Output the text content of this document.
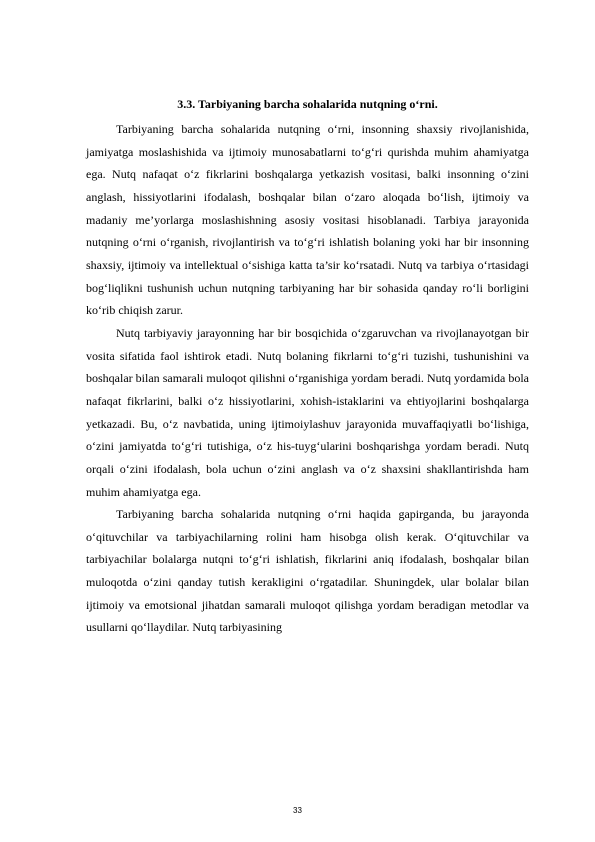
3.3. Tarbiyaning barcha sohalarida nutqning o‘rni.

Tarbiyaning barcha sohalarida nutqning o‘rni, insonning shaxsiy rivojlanishida, jamiyatga moslashishida va ijtimoiy munosabatlarni to‘g‘ri qurishda muhim ahamiyatga ega. Nutq nafaqat o‘z fikrlarini boshqalarga yetkazish vositasi, balki insonning o‘zini anglash, hissiyotlarini ifodalash, boshqalar bilan o‘zaro aloqada bo‘lish, ijtimoiy va madaniy me’yorlarga moslashishning asosiy vositasi hisoblanadi. Tarbiya jarayonida nutqning o‘rni o‘rganish, rivojlantirish va to‘g‘ri ishlatish bolaning yoki har bir insonning shaxsiy, ijtimoiy va intellektual o‘sishiga katta ta’sir ko‘rsatadi. Nutq va tarbiya o‘rtasidagi bog‘liqlikni tushunish uchun nutqning tarbiyaning har bir sohasida qanday ro‘li borligini ko‘rib chiqish zarur.

Nutq tarbiyaviy jarayonning har bir bosqichida o‘zgaruvchan va rivojlanayotgan bir vosita sifatida faol ishtirok etadi. Nutq bolaning fikrlarni to‘g‘ri tuzishi, tushunishini va boshqalar bilan samarali muloqot qilishni o‘rganishiga yordam beradi. Nutq yordamida bola nafaqat fikrlarini, balki o‘z hissiyotlarini, xohish-istaklarini va ehtiyojlarini boshqalarga yetkazadi. Bu, o‘z navbatida, uning ijtimoiylashuv jarayonida muvaffaqiyatli bo‘lishiga, o‘zini jamiyatda to‘g‘ri tutishiga, o‘z his-tuyg‘ularini boshqarishga yordam beradi. Nutq orqali o‘zini ifodalash, bola uchun o‘zini anglash va o‘z shaxsini shakllantirishda ham muhim ahamiyatga ega.

Tarbiyaning barcha sohalarida nutqning o‘rni haqida gapirganda, bu jarayonda o‘qituvchilar va tarbiyachilarning rolini ham hisobga olish kerak. O‘qituvchilar va tarbiyachilar bolalarga nutqni to‘g‘ri ishlatish, fikrlarini aniq ifodalash, boshqalar bilan muloqotda o‘zini qanday tutish kerakligini o‘rgatadilar. Shuningdek, ular bolalar bilan ijtimoiy va emotsional jihatdan samarali muloqot qilishga yordam beradigan metodlar va usullarni qo‘llaydilar. Nutq tarbiyasining

33
